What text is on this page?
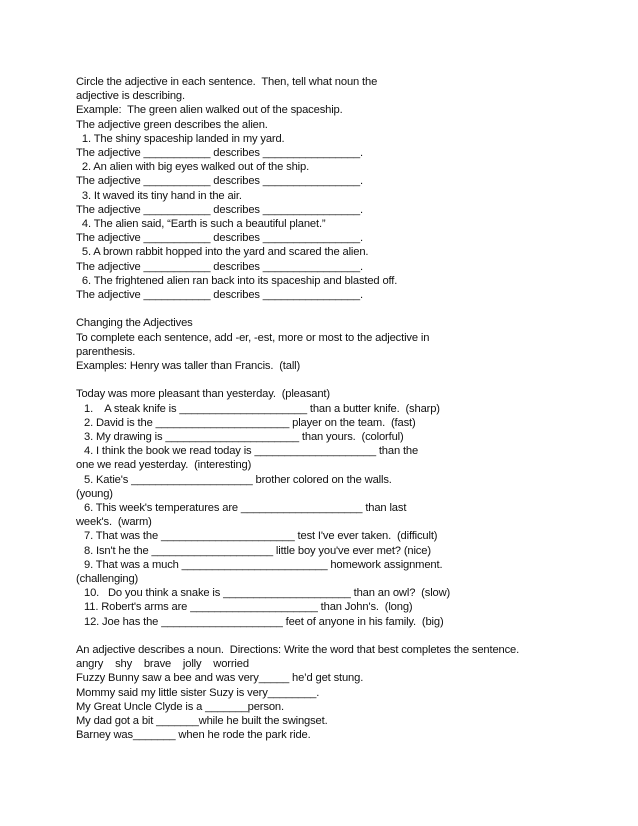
Circle the adjective in each sentence.  Then, tell what noun the
adjective is describing.
Example:  The green alien walked out of the spaceship.
The adjective green describes the alien.
1. The shiny spaceship landed in my yard.
The adjective ___________ describes ________________.
2. An alien with big eyes walked out of the ship.
The adjective ___________ describes ________________.
3. It waved its tiny hand in the air.
The adjective ___________ describes ________________.
4. The alien said, “Earth is such a beautiful planet.”
The adjective ___________ describes ________________.
5. A brown rabbit hopped into the yard and scared the alien.
The adjective ___________ describes ________________.
6. The frightened alien ran back into its spaceship and blasted off.
The adjective ___________ describes ________________.
Changing the Adjectives
To complete each sentence, add -er, -est, more or most to the adjective in
parenthesis.
Examples: Henry was taller than Francis.  (tall)
Today was more pleasant than yesterday.  (pleasant)
1.    A steak knife is _____________________ than a butter knife.  (sharp)
2. David is the ______________________ player on the team.  (fast)
3. My drawing is ______________________ than yours.  (colorful)
4. I think the book we read today is ____________________ than the
one we read yesterday.  (interesting)
5. Katie's ____________________ brother colored on the walls.
(young)
6. This week's temperatures are ____________________ than last
week's.  (warm)
7. That was the ______________________ test I've ever taken.  (difficult)
8. Isn't he the ____________________ little boy you've ever met? (nice)
9. That was a much ________________________ homework assignment.
(challenging)
10.   Do you think a snake is _____________________ than an owl?  (slow)
11. Robert's arms are _____________________ than John's.  (long)
12. Joe has the ____________________ feet of anyone in his family.  (big)
An adjective describes a noun.  Directions: Write the word that best completes the sentence.
angry    shy    brave    jolly    worried
Fuzzy Bunny saw a bee and was very_____ he’d get stung.
Mommy said my little sister Suzy is very________.
My Great Uncle Clyde is a _______person.
My dad got a bit _______while he built the swingset.
Barney was_______ when he rode the park ride.
